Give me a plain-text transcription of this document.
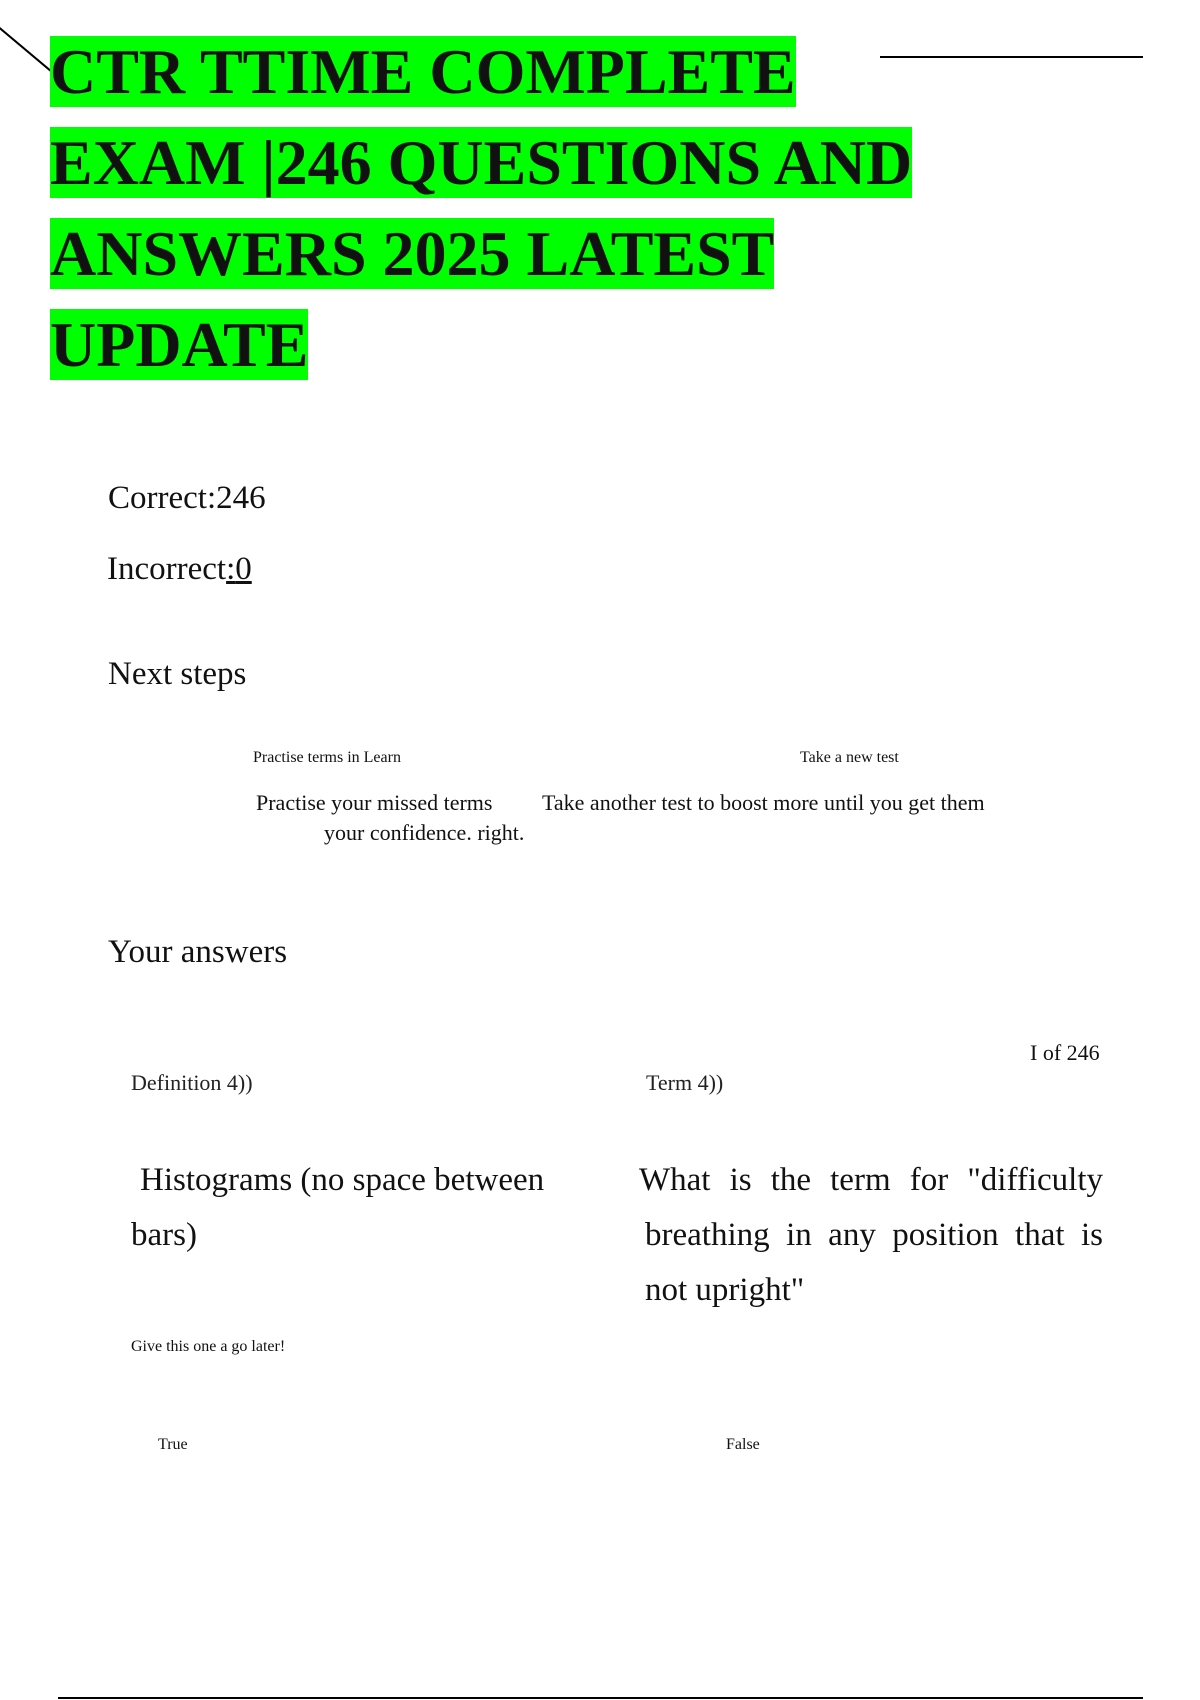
CTR TTIME COMPLETE
EXAM |246 QUESTIONS AND
ANSWERS 2025 LATEST
UPDATE
Correct:246
Incorrect:0
Next steps
Practise terms in Learn	Take a new test
Practise your missed terms Take another test to boost more until you get them
your confidence. right.
Your answers
I of 246
Definition 4))	Term 4))
Histograms (no space between bars)
What is the term for "difficulty breathing in any position that is not upright"
Give this one a go later!
True	False
